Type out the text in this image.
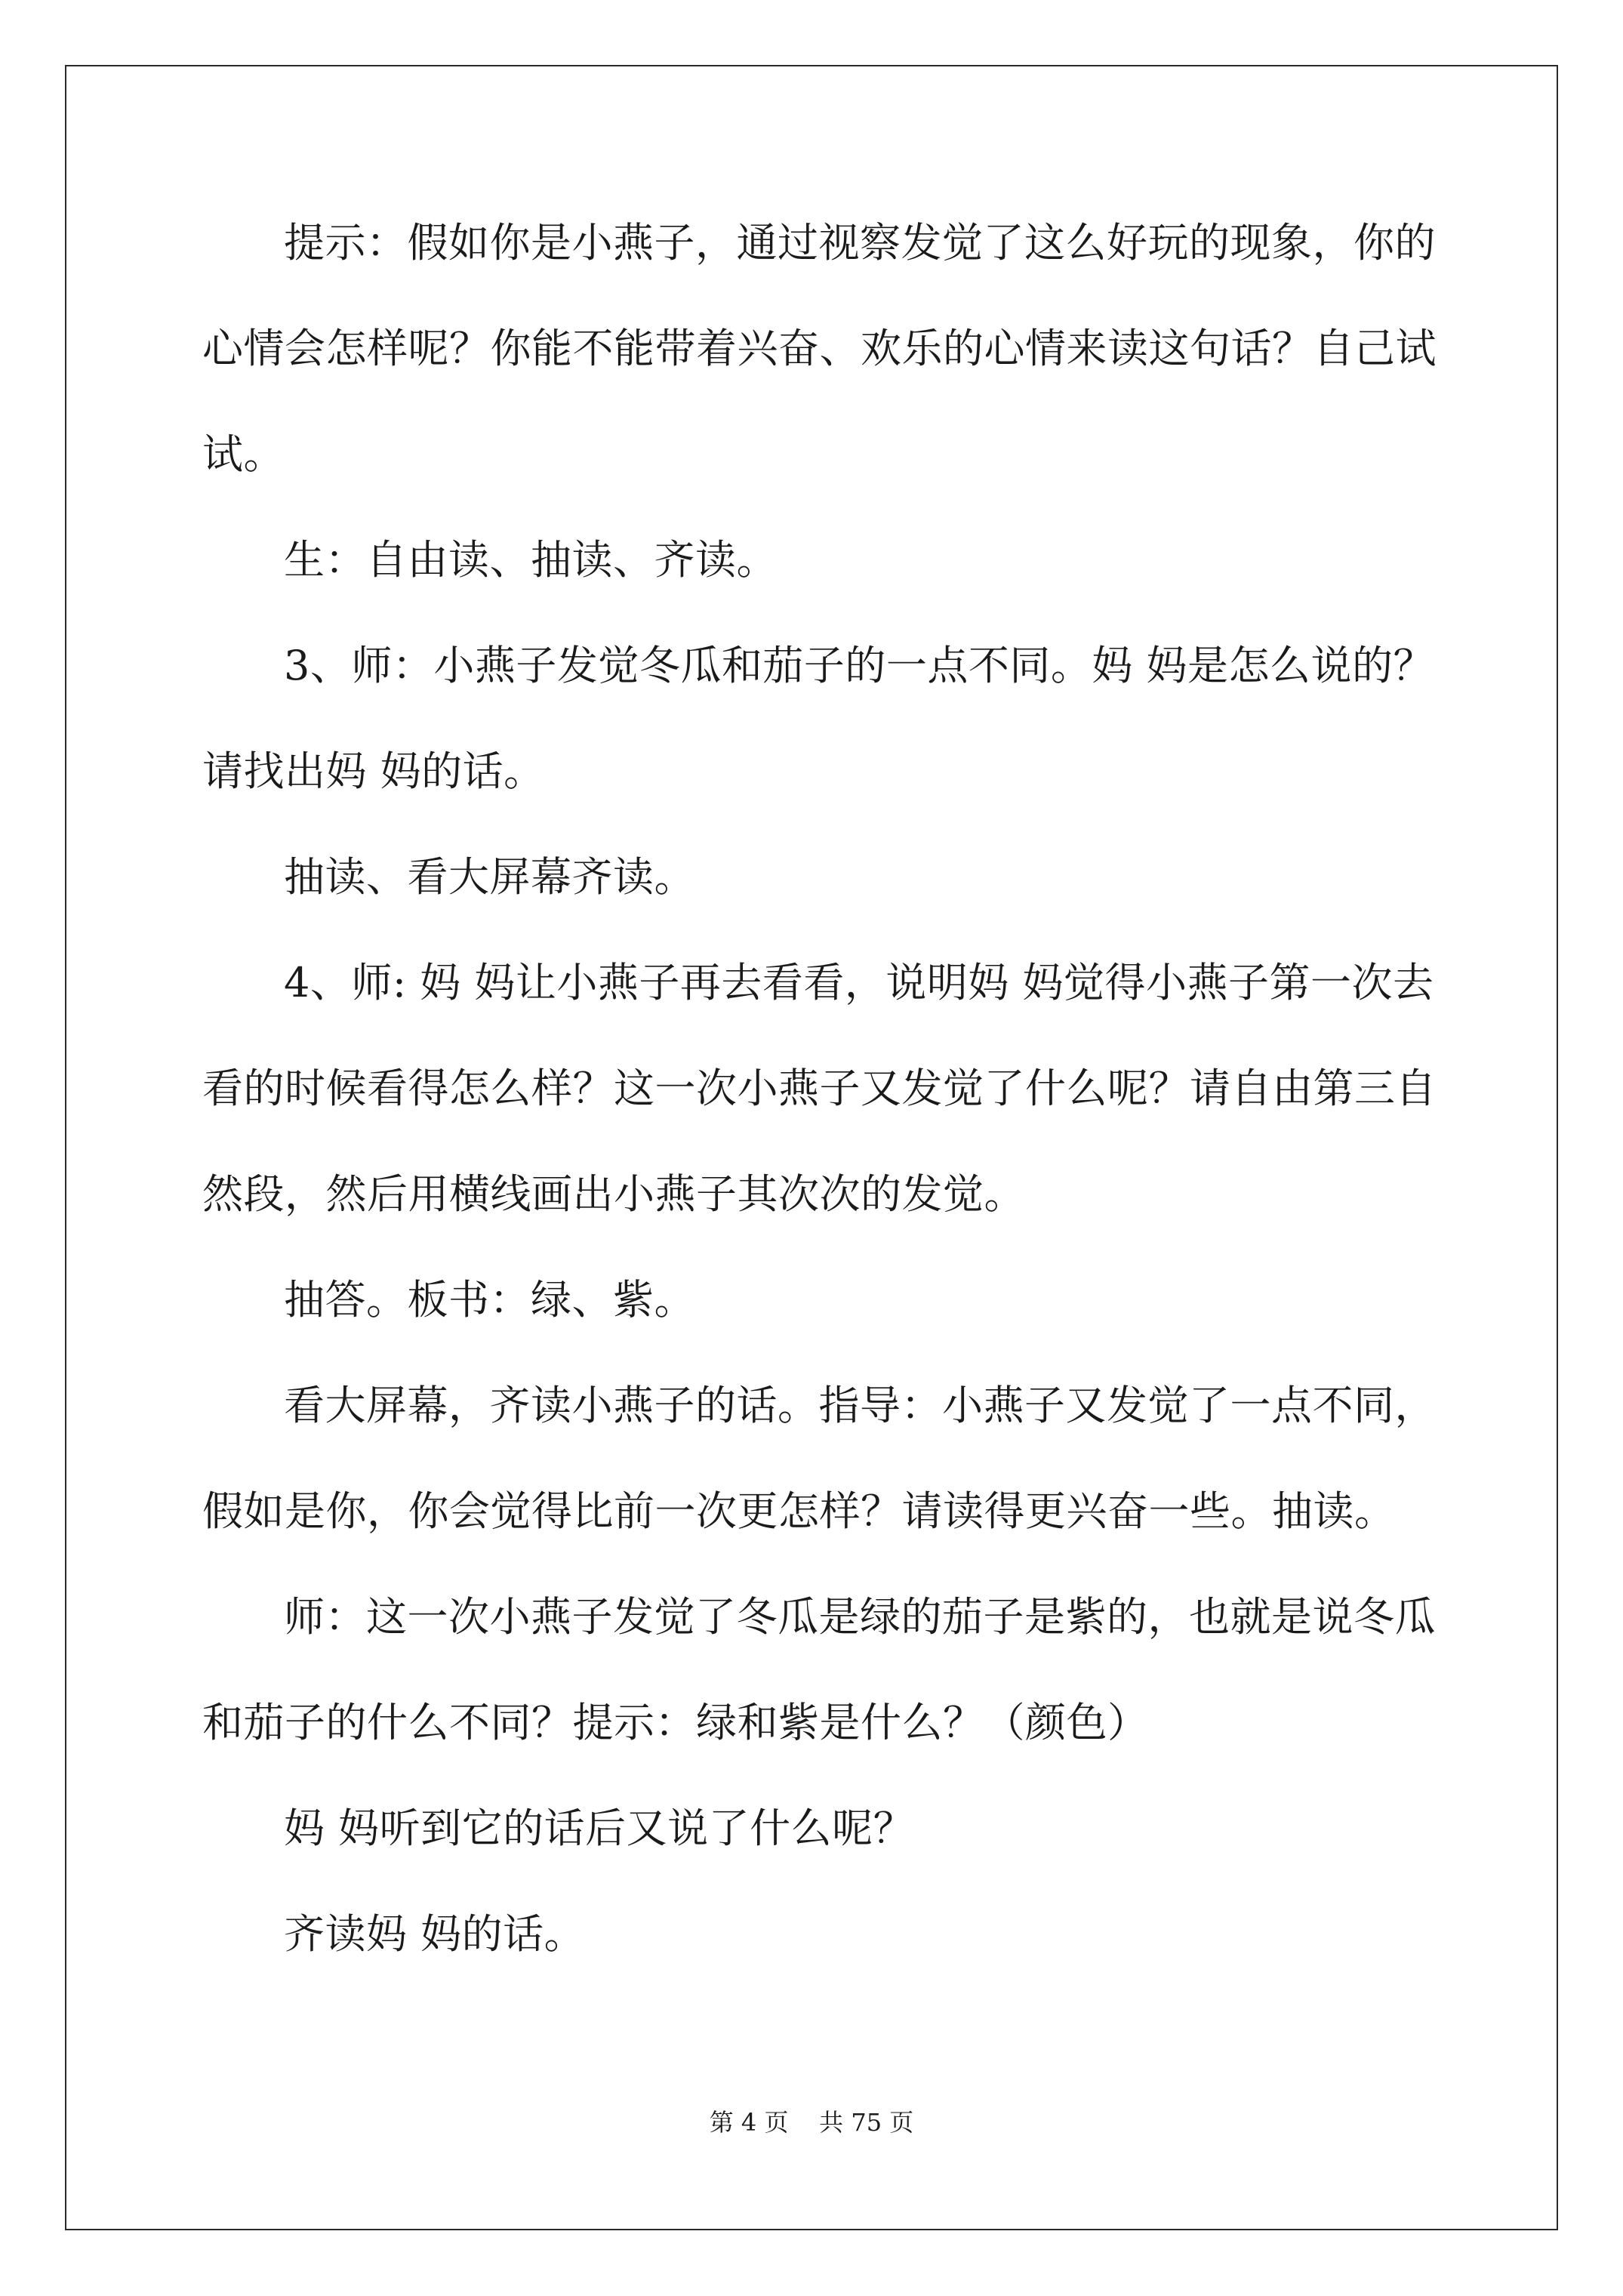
提示：假如你是小燕子，通过视察发觉了这么好玩的现象，你的心情会怎样呢？你能不能带着兴奋、欢乐的心情来读这句话？自己试试。

生：自由读、抽读、齐读。

3、师：小燕子发觉冬瓜和茄子的一点不同。妈 妈是怎么说的？请找出妈 妈的话。

抽读、看大屏幕齐读。

4、师: 妈 妈让小燕子再去看看，说明妈 妈觉得小燕子第一次去看的时候看得怎么样？这一次小燕子又发觉了什么呢？请自由第三自然段，然后用横线画出小燕子其次次的发觉。

抽答。板书：绿、紫。

看大屏幕，齐读小燕子的话。指导：小燕子又发觉了一点不同，假如是你，你会觉得比前一次更怎样？请读得更兴奋一些。抽读。

师：这一次小燕子发觉了冬瓜是绿的茄子是紫的，也就是说冬瓜和茄子的什么不同？提示：绿和紫是什么？（颜色）

妈 妈听到它的话后又说了什么呢？

齐读妈 妈的话。

第 4 页 共 75 页
